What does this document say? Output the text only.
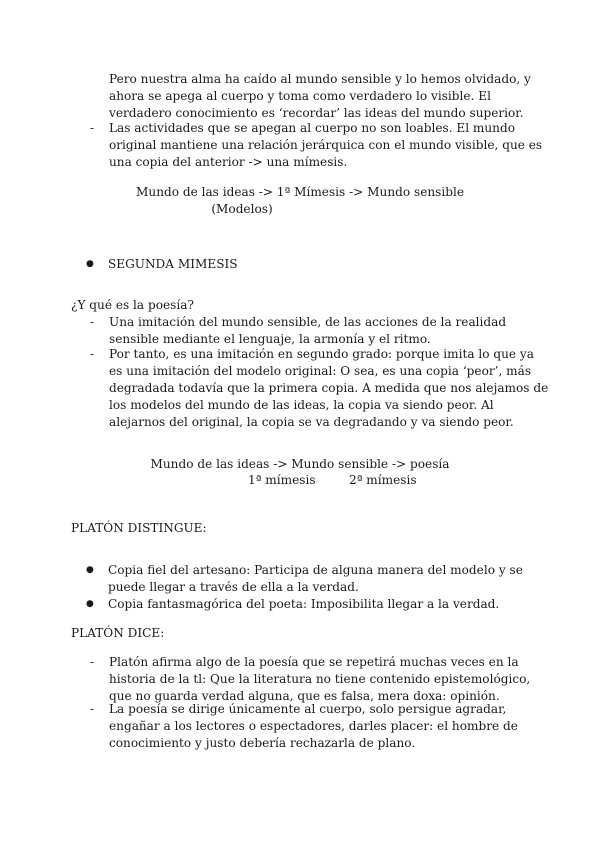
Pero nuestra alma ha caído al mundo sensible y lo hemos olvidado, y ahora se apega al cuerpo y toma como verdadero lo visible. El verdadero conocimiento es ‘recordar’ las ideas del mundo superior.
-	Las actividades que se apegan al cuerpo no son loables. El mundo original mantiene una relación jerárquica con el mundo visible, que es una copia del anterior -> una mímesis.
Mundo de las ideas -> 1ª Mímesis -> Mundo sensible
(Modelos)
● SEGUNDA MIMESIS
¿Y qué es la poesía?
-	Una imitación del mundo sensible, de las acciones de la realidad sensible mediante el lenguaje, la armonía y el ritmo.
-	Por tanto, es una imitación en segundo grado: porque imita lo que ya es una imitación del modelo original: O sea, es una copia ‘peor’, más degradada todavía que la primera copia. A medida que nos alejamos de los modelos del mundo de las ideas, la copia va siendo peor. Al alejarnos del original, la copia se va degradando y va siendo peor.
Mundo de las ideas -> Mundo sensible -> poesía
1ª mímesis	2ª mímesis
PLATÓN DISTINGUE:
● Copia fiel del artesano: Participa de alguna manera del modelo y se puede llegar a través de ella a la verdad.
● Copia fantasmagórica del poeta: Imposibilita llegar a la verdad.
PLATÓN DICE:
-	Platón afirma algo de la poesía que se repetirá muchas veces en la historia de la tl: Que la literatura no tiene contenido epistemológico, que no guarda verdad alguna, que es falsa, mera doxa: opinión.
-	La poesía se dirige únicamente al cuerpo, solo persigue agradar, engañar a los lectores o espectadores, darles placer: el hombre de conocimiento y justo debería rechazarla de plano.
